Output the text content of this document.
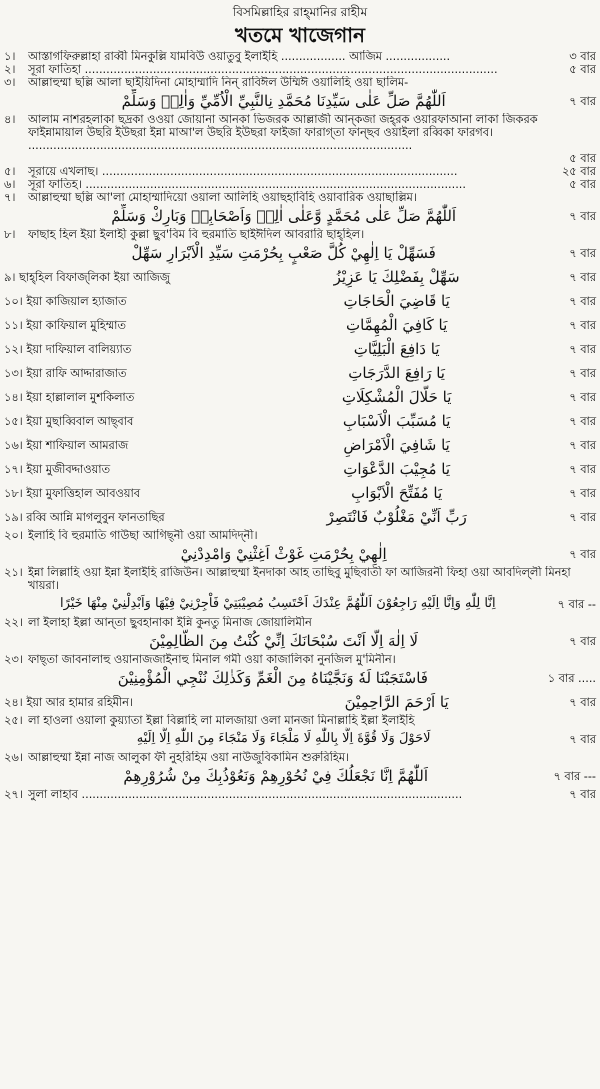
বিসমিল্লাহির রাহ্‌মানির রাহীম
খতমে খাজেগান
১।	আস্তাগফিরুল্লাহা রাব্বী মিনকুল্লি যামবিউ ওয়াতুবু ইলাইহি .................. আজিম ..................	৩ বার
২।	সূরা ফাতিহা ...................................................................................................................	৫ বার
৩।	আল্লাহুম্মা ছল্লি আলা ছাইয়িদিনা মোহাম্মাদি নিন্ রাবিঈল উম্মিঈ ওয়ালিহি ওয়া ছালিম-
اَللّٰهُمَّ صَلِّ عَلٰى سَيِّدِنَا مُحَمَّدِ نِالنَّبِيِّ الْاُمِّيِّ وَاٰلِهٖ وَسَلِّمْ	৭ বার
৪।	আলাম নাশরহলাকা ছদ্রকা ওওয়া জোয়ানা আনকা ভিজরক আল্লাজী আন্‌কজা জহ্‌রক ওয়ারফাআনা লাকা জিকরক ফাইন্নামায়াল উছরি ইউছরা ইন্না মাআ'ল উছরি ইউছরা ফাইজা ফারাগ্‌তা ফান্‌ছব ওয়াইলা রব্বিকা ফারগব। ...........................................................................................................
৫ বার
৫।	সূরায়ে এখলাছ। ...................................................................................................	২৫ বার
৬।	সূরা ফাতিহ। ..........................................................................................................	৫ বার
৭।	আল্লাহুম্মা ছল্লি আ'লা মোহাম্মাদিয়ো ওয়ালা আলিহি ওয়াছহাবিহি ওয়াবারিক ওয়াছাল্লিম।
اَللّٰهُمَّ صَلِّ عَلٰى مُحَمَّدٍ وَّعَلٰى اٰلِهٖ وَاَصْحَابِهٖ وَبَارِكْ وَسَلِّمْ	৭ বার
৮।	ফাছাহ হিল ইয়া ইলাহী কুল্লা ছুব'বিম বি হুরমাতি ছাইঈদিল আবরারি ছাহ্‌হিল।
فَسَهِّلْ يَا اِلٰهِيْ كُلَّ صَعْبٍ بِحُرْمَتِ سَيِّدِ الْاَبْرَارِ سَهِّلْ	৭ বার
৯। ছাহ্‌হিল বিফাজ্‌লিকা ইয়া আজিজু	سَهِّلْ بِفَضْلِكَ يَا عَزِيْزُ	৭ বার
১০। ইয়া কাজিয়াল হ্যাজাত	يَا قَاضِيَ الْحَاجَاتِ	৭ বার
১১। ইয়া কাফিয়াল মুহিম্মাত	يَا كَافِيَ الْمُهِمَّاتِ	৭ বার
১২। ইয়া দাফিয়াল বালিয়্যাত	يَا دَافِعَ الْبَلِيَّاتِ	৭ বার
১৩। ইয়া রাফি আদ্দারাজাত	يَا رَافِعَ الدَّرَجَاتِ	৭ বার
১৪। ইয়া হাল্লালাল মুশকিলাত	يَا حَلَّالَ الْمُشْكِلَاتِ	৭ বার
১৫। ইয়া মুছাব্বিবাল আছ্‌বাব	يَا مُسَبِّبَ الْاَسْبَابِ	৭ বার
১৬। ইয়া শাফিয়াল আমরাজ	يَا شَافِيَ الْاَمْرَاضِ	৭ বার
১৭। ইয়া মুজীবদ্দাওয়াত	يَا مُجِيْبَ الدَّعْوَاتِ	৭ বার
১৮। ইয়া মুফাত্তিহাল আবওয়াব	يَا مُفَتِّحَ الْاَبْوَابِ	৭ বার
১৯। রব্বি আন্নি মাগলুবুন ফানতাছির	رَبِّ اَنِّيْ مَغْلُوْبٌ فَانْتَصِرْ	৭ বার
২০। ইলাহি বি হুরমাতি গাউছা আগিছ্‌নী ওয়া আমদিদ্‌নী।
اِلٰهِيْ بِحُرْمَتِ غَوْثْ اَغِثْنِيْ وَامْدِدْنِيْ	৭ বার
২১। ইন্না লিল্লাহি ওয়া ইন্না ইলাইহি রাজিউন। আল্লাহুম্মা ইনদাকা আহ তাছিবু মুছিবাতী ফা আজিরনী ফিহা ওয়া আবদিল্‌লী মিনহা খায়রা।
اِنَّا لِلّٰهِ وَاِنَّا اِلَيْهِ رَاجِعُوْنَ اَللّٰهُمَّ عِنْدَكَ اَحْتَسِبُ مُصِيْبَتِيْ فَاْجِرْنِيْ فِيْهَا وَاَبْدِلْنِيْ مِنْهَا خَيْرًا	৭ বার --
২২। লা ইলাহা ইল্লা আন্‌তা ছুবহানাকা ইন্নি কুনতু মিনাজ জোয়ালিমীন
لَا اِلٰهَ اِلَّا اَنْتَ سُبْحَانَكَ اِنِّيْ كُنْتُ مِنَ الظَّالِمِيْنَ	৭ বার
২৩। ফাছ্‌তা জাবনালাহু ওয়ানাজজাইনাহু মিনাল গমী ওয়া কাজালিকা নুনজিল মু'মিনীন।
فَاسْتَجَبْنَا لَهٗ وَنَجَّيْنَاهُ مِنَ الْغَمِّ وَكَذٰلِكَ نُنْجِي الْمُؤْمِنِيْنَ	১ বার .....
২৪। ইয়া আর হামার রহিমীন।	يَا اَرْحَمَ الرَّاحِمِيْنَ	৭ বার
২৫। লা হাওলা ওয়ালা কুয়্যাতা ইল্লা বিল্লাহি লা মালজায়া ওলা মানজা মিনাল্লাহি ইল্লা ইলাইহি
لَاحَوْلَ وَلَا قُوَّةَ اِلَّا بِاللّٰهِ لَا مَلْجَاءَ وَلَا مَنْجَاءَ مِنَ اللّٰهِ اِلَّا اِلَيْهِ	৭ বার
২৬। আল্লাহুম্মা ইন্না নাজ আলুকা ফী নুহরিহিম ওয়া নাউজুবিকামিন শুরুরিহিম।
اَللّٰهُمَّ اِنَّا نَجْعَلُكَ فِيْ نُحُوْرِهِمْ وَنَعُوْذُبِكَ مِنْ شُرُوْرِهِمْ	৭ বার ---
২৭। সুলা লাহাব ..........................................................................................................	৭ বার
